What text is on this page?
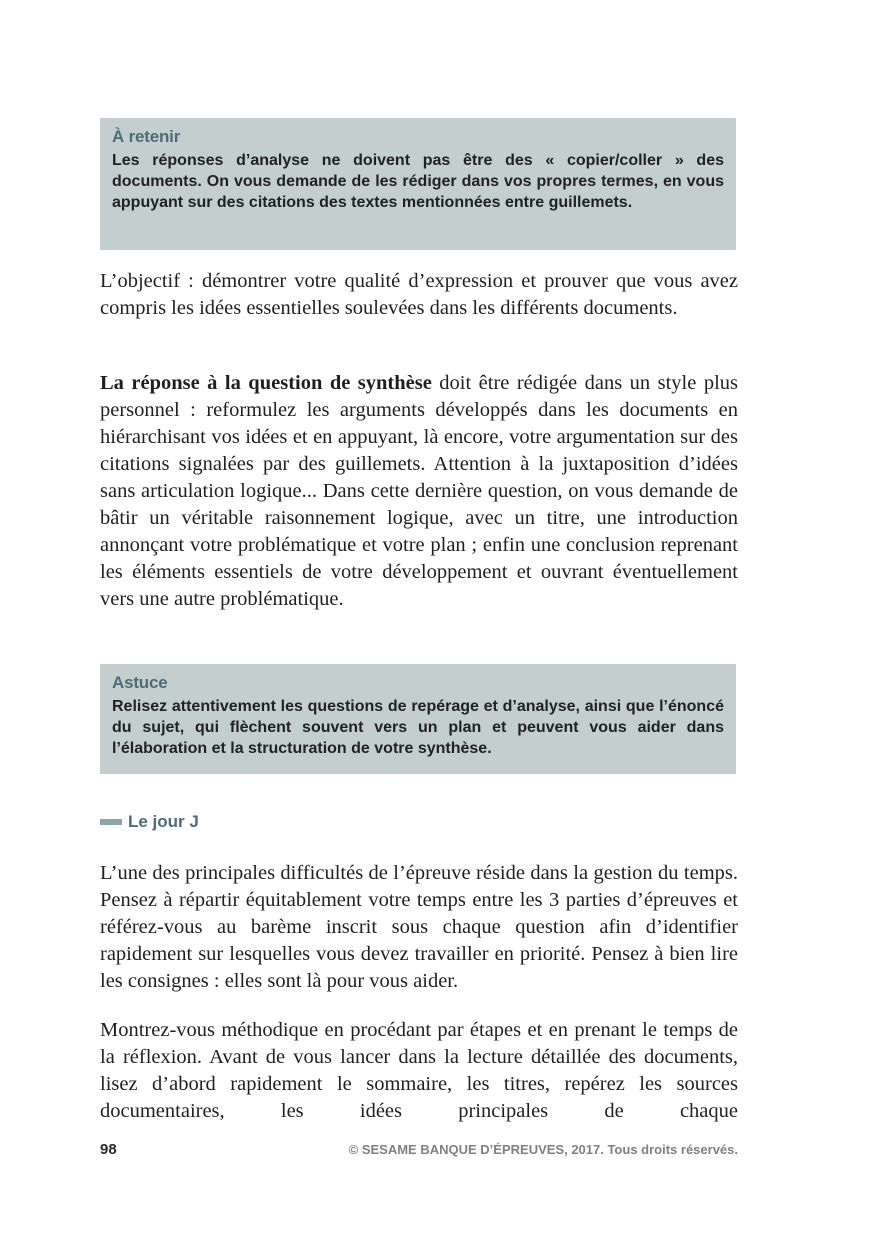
À retenir

Les réponses d’analyse ne doivent pas être des « copier/coller » des documents. On vous demande de les rédiger dans vos propres termes, en vous appuyant sur des citations des textes mentionnées entre guillemets.

L’objectif : démontrer votre qualité d’expression et prouver que vous avez compris les idées essentielles soulevées dans les différents documents.

La réponse à la question de synthèse doit être rédigée dans un style plus personnel : reformulez les arguments développés dans les documents en hiérarchisant vos idées et en appuyant, là encore, votre argumentation sur des citations signalées par des guillemets. Attention à la juxtaposition d’idées sans articulation logique... Dans cette dernière question, on vous demande de bâtir un véritable raisonnement logique, avec un titre, une introduction annonçant votre problématique et votre plan ; enfin une conclusion reprenant les éléments essentiels de votre développement et ouvrant éventuellement vers une autre problématique.

Astuce

Relisez attentivement les questions de repérage et d’analyse, ainsi que l’énoncé du sujet, qui flèchent souvent vers un plan et peuvent vous aider dans l’élaboration et la structuration de votre synthèse.

Le jour J

L’une des principales difficultés de l’épreuve réside dans la gestion du temps. Pensez à répartir équitablement votre temps entre les 3 parties d’épreuves et référez-vous au barème inscrit sous chaque question afin d’identifier rapidement sur lesquelles vous devez travailler en priorité. Pensez à bien lire les consignes : elles sont là pour vous aider.

Montrez-vous méthodique en procédant par étapes et en prenant le temps de la réflexion. Avant de vous lancer dans la lecture détaillée des documents, lisez d’abord rapidement le sommaire, les titres, repérez les sources documentaires, les idées principales de chaque

98	© SESAME BANQUE D’ÉPREUVES, 2017. Tous droits réservés.
